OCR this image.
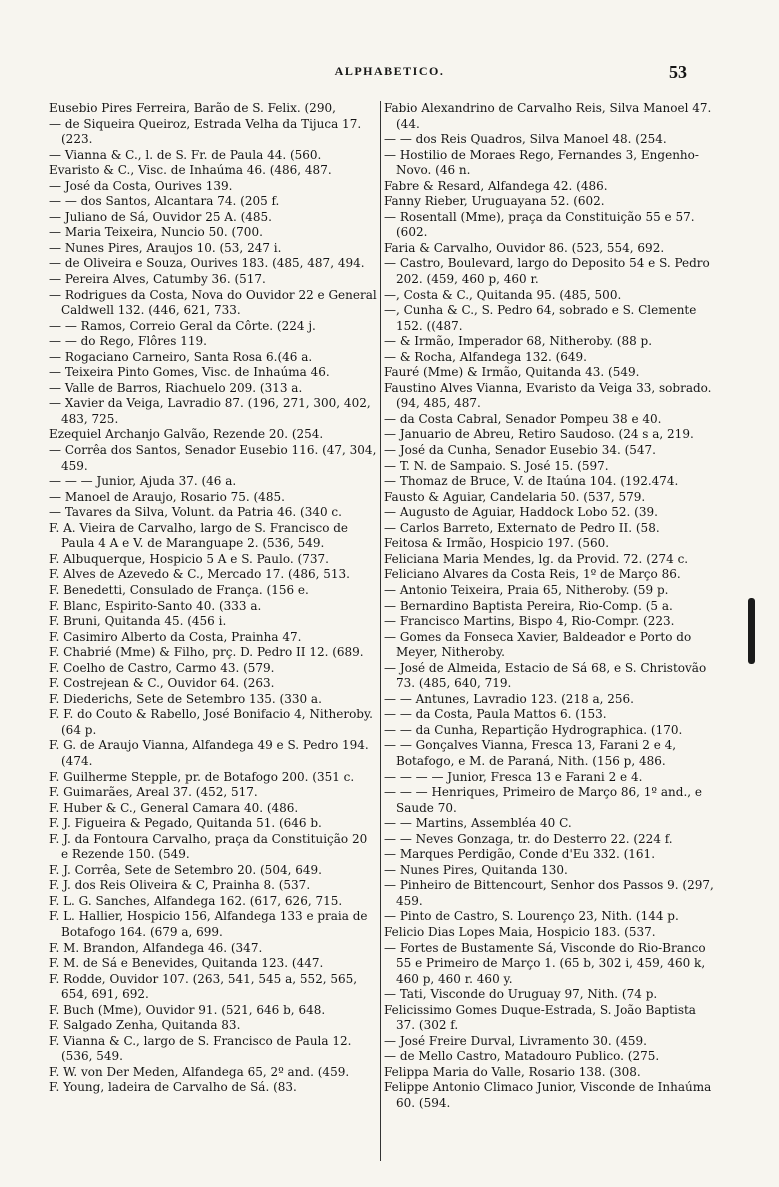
ALPHABETICO.	53
Eusebio Pires Ferreira, Barão de S. Felix. (290,
— de Siqueira Queiroz, Estrada Velha da Tijuca 17. (223.
— Vianna & C., l. de S. Fr. de Paula 44. (560.
Evaristo & C., Visc. de Inhaúma 46. (486, 487.
— José da Costa, Ourives 139.
— — dos Santos, Alcantara 74. (205 f.
— Juliano de Sá, Ouvidor 25 A. (485.
— Maria Teixeira, Nuncio 50. (700.
— Nunes Pires, Araujos 10. (53, 247 i.
— de Oliveira e Souza, Ourives 183. (485, 487, 494.
— Pereira Alves, Catumby 36. (517.
— Rodrigues da Costa, Nova do Ouvidor 22 e General Caldwell 132. (446, 621, 733.
— — Ramos, Correio Geral da Côrte. (224 j.
— — do Rego, Flôres 119.
— Rogaciano Carneiro, Santa Rosa 6.(46 a.
— Teixeira Pinto Gomes, Visc. de Inhaúma 46.
— Valle de Barros, Riachuelo 209. (313 a.
— Xavier da Veiga, Lavradio 87. (196, 271, 300, 402, 483, 725.
Ezequiel Archanjo Galvão, Rezende 20. (254.
— Corrêa dos Santos, Senador Eusebio 116. (47, 304, 459.
— — — Junior, Ajuda 37. (46 a.
— Manoel de Araujo, Rosario 75. (485.
— Tavares da Silva, Volunt. da Patria 46. (340 c.
F. A. Vieira de Carvalho, largo de S. Francisco de Paula 4 A e V. de Maranguape 2. (536, 549.
F. Albuquerque, Hospicio 5 A e S. Paulo. (737.
F. Alves de Azevedo & C., Mercado 17. (486, 513.
F. Benedetti, Consulado de França. (156 e.
F. Blanc, Espirito-Santo 40. (333 a.
F. Bruni, Quitanda 45. (456 i.
F. Casimiro Alberto da Costa, Prainha 47.
F. Chabrié (Mme) & Filho, prç. D. Pedro II 12. (689.
F. Coelho de Castro, Carmo 43. (579.
F. Costrejean & C., Ouvidor 64. (263.
F. Diederichs, Sete de Setembro 135. (330 a.
F. F. do Couto & Rabello, José Bonifacio 4, Nitheroby. (64 p.
F. G. de Araujo Vianna, Alfandega 49 e S. Pedro 194. (474.
F. Guilherme Stepple, pr. de Botafogo 200. (351 c.
F. Guimarães, Areal 37. (452, 517.
F. Huber & C., General Camara 40. (486.
F. J. Figueira & Pegado, Quitanda 51. (646 b.
F. J. da Fontoura Carvalho, praça da Constituição 20 e Rezende 150. (549.
F. J. Corrêa, Sete de Setembro 20. (504, 649.
F. J. dos Reis Oliveira & C, Prainha 8. (537.
F. L. G. Sanches, Alfandega 162. (617, 626, 715.
F. L. Hallier, Hospicio 156, Alfandega 133 e praia de Botafogo 164. (679 a, 699.
F. M. Brandon, Alfandega 46. (347.
F. M. de Sá e Benevides, Quitanda 123. (447.
F. Rodde, Ouvidor 107. (263, 541, 545 a, 552, 565, 654, 691, 692.
F. Buch (Mme), Ouvidor 91. (521, 646 b, 648.
F. Salgado Zenha, Quitanda 83.
F. Vianna & C., largo de S. Francisco de Paula 12. (536, 549.
F. W. von Der Meden, Alfandega 65, 2º and. (459.
F. Young, ladeira de Carvalho de Sá. (83.
Fabio Alexandrino de Carvalho Reis, Silva Manoel 47. (44.
— — dos Reis Quadros, Silva Manoel 48. (254.
— Hostilio de Moraes Rego, Fernandes 3, Engenho-Novo. (46 n.
Fabre & Resard, Alfandega 42. (486.
Fanny Rieber, Uruguayana 52. (602.
— Rosentall (Mme), praça da Constituição 55 e 57. (602.
Faria & Carvalho, Ouvidor 86. (523, 554, 692.
— Castro, Boulevard, largo do Deposito 54 e S. Pedro 202. (459, 460 p, 460 r.
—, Costa & C., Quitanda 95. (485, 500.
—, Cunha & C., S. Pedro 64, sobrado e S. Clemente 152. ((487.
— & Irmão, Imperador 68, Nitheroby. (88 p.
— & Rocha, Alfandega 132. (649.
Fauré (Mme) & Irmão, Quitanda 43. (549.
Faustino Alves Vianna, Evaristo da Veiga 33, sobrado. (94, 485, 487.
— da Costa Cabral, Senador Pompeu 38 e 40.
— Januario de Abreu, Retiro Saudoso. (24 s a, 219.
— José da Cunha, Senador Eusebio 34. (547.
— T. N. de Sampaio. S. José 15. (597.
— Thomaz de Bruce, V. de Itaúna 104. (192.474.
Fausto & Aguiar, Candelaria 50. (537, 579.
— Augusto de Aguiar, Haddock Lobo 52. (39.
— Carlos Barreto, Externato de Pedro II. (58.
Feitosa & Irmão, Hospicio 197. (560.
Feliciana Maria Mendes, lg. da Provid. 72. (274 c.
Feliciano Alvares da Costa Reis, 1º de Março 86.
— Antonio Teixeira, Praia 65, Nitheroby. (59 p.
— Bernardino Baptista Pereira, Rio-Comp. (5 a.
— Francisco Martins, Bispo 4, Rio-Compr. (223.
— Gomes da Fonseca Xavier, Baldeador e Porto do Meyer, Nitheroby.
— José de Almeida, Estacio de Sá 68, e S. Christovão 73. (485, 640, 719.
— — Antunes, Lavradio 123. (218 a, 256.
— — da Costa, Paula Mattos 6. (153.
— — da Cunha, Repartição Hydrographica. (170.
— — Gonçalves Vianna, Fresca 13, Farani 2 e 4, Botafogo, e M. de Paraná, Nith. (156 p, 486.
— — — — Junior, Fresca 13 e Farani 2 e 4.
— — — Henriques, Primeiro de Março 86, 1º and., e Saude 70.
— — Martins, Assembléa 40 C.
— — Neves Gonzaga, tr. do Desterro 22. (224 f.
— Marques Perdigão, Conde d'Eu 332. (161.
— Nunes Pires, Quitanda 130.
— Pinheiro de Bittencourt, Senhor dos Passos 9. (297, 459.
— Pinto de Castro, S. Lourenço 23, Nith. (144 p.
Felicio Dias Lopes Maia, Hospicio 183. (537.
— Fortes de Bustamente Sá, Visconde do Rio-Branco 55 e Primeiro de Março 1. (65 b, 302 i, 459, 460 k, 460 p, 460 r. 460 y.
— Tati, Visconde do Uruguay 97, Nith. (74 p.
Felicissimo Gomes Duque-Estrada, S. João Baptista 37. (302 f.
— José Freire Durval, Livramento 30. (459.
— de Mello Castro, Matadouro Publico. (275.
Felippa Maria do Valle, Rosario 138. (308.
Felippe Antonio Climaco Junior, Visconde de Inhaúma 60. (594.
